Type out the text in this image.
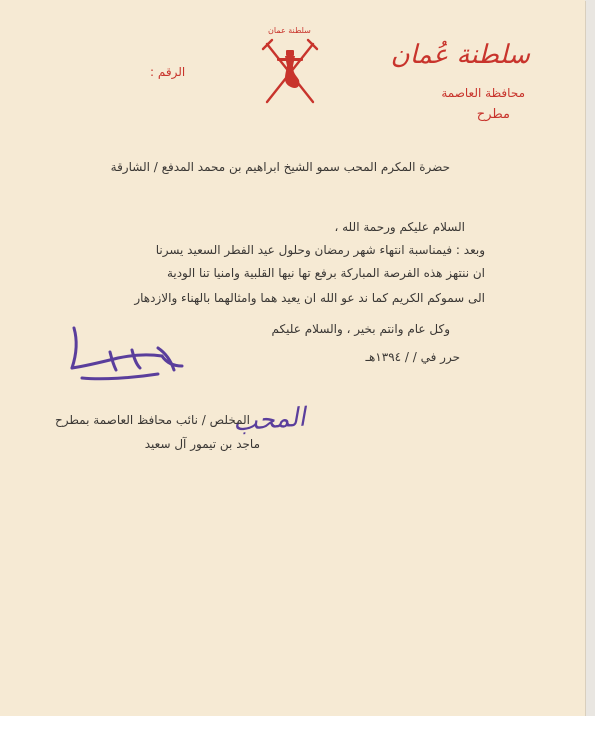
سلطنة عُمان
محافظة العاصمة
مطرح
سلطنة عمان
الرقم :
حضرة المكرم المحب سمو الشيخ ابراهيم بن محمد المدفع / الشارقة
السلام عليكم ورحمة الله ،
وبعد : فيمناسبة انتهاء شهر رمضان وحلول عيد الفطر السعيد يسرنا
ان ننتهز هذه الفرصة المباركة برفع تها نيها القلبية وامنيا تنا الودية
الى سموكم الكريم كما ند عو الله ان يعيد هما وامثالهما بالهناء والازدهار
وكل عام وانتم بخير ، والسلام عليكم
حرر في / / ١٣٩٤هـ
المحب
المخلص / نائب محافظ العاصمة بمطرح
ماجد بن تيمور آل سعيد
